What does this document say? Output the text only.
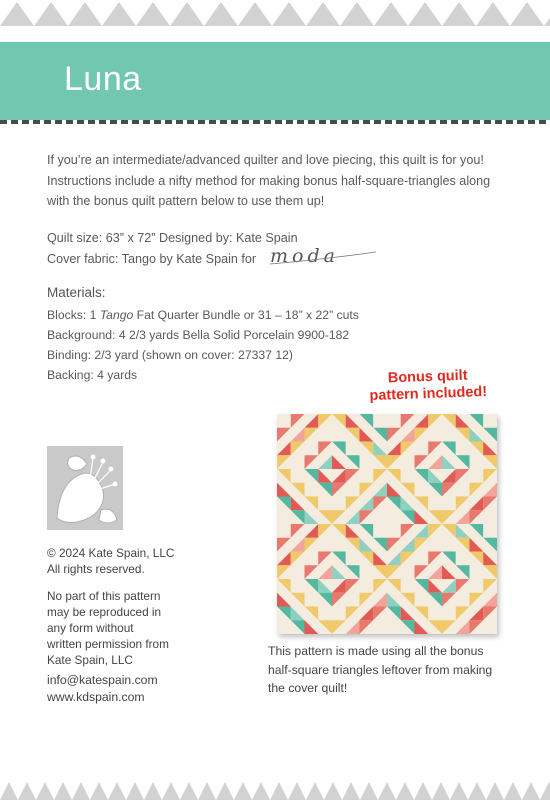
Luna
If you’re an intermediate/advanced quilter and love piecing, this quilt is for you!
Instructions include a nifty method for making bonus half-square-triangles along
with the bonus quilt pattern below to use them up!
Quilt size: 63” x 72” Designed by: Kate Spain
Cover fabric: Tango by Kate Spain for moda
Materials:
Blocks: 1 Tango Fat Quarter Bundle or 31 – 18” x 22” cuts
Background: 4 2/3 yards Bella Solid Porcelain 9900-182
Binding: 2/3 yard (shown on cover: 27337 12)
Backing: 4 yards	Bonus quilt
pattern included!
This pattern is made using all the bonus
half-square triangles leftover from making
the cover quilt!
© 2024 Kate Spain, LLC
All rights reserved.
No part of this pattern
may be reproduced in
any form without
written permission from
Kate Spain, LLC
info@katespain.com
www.kdspain.com
